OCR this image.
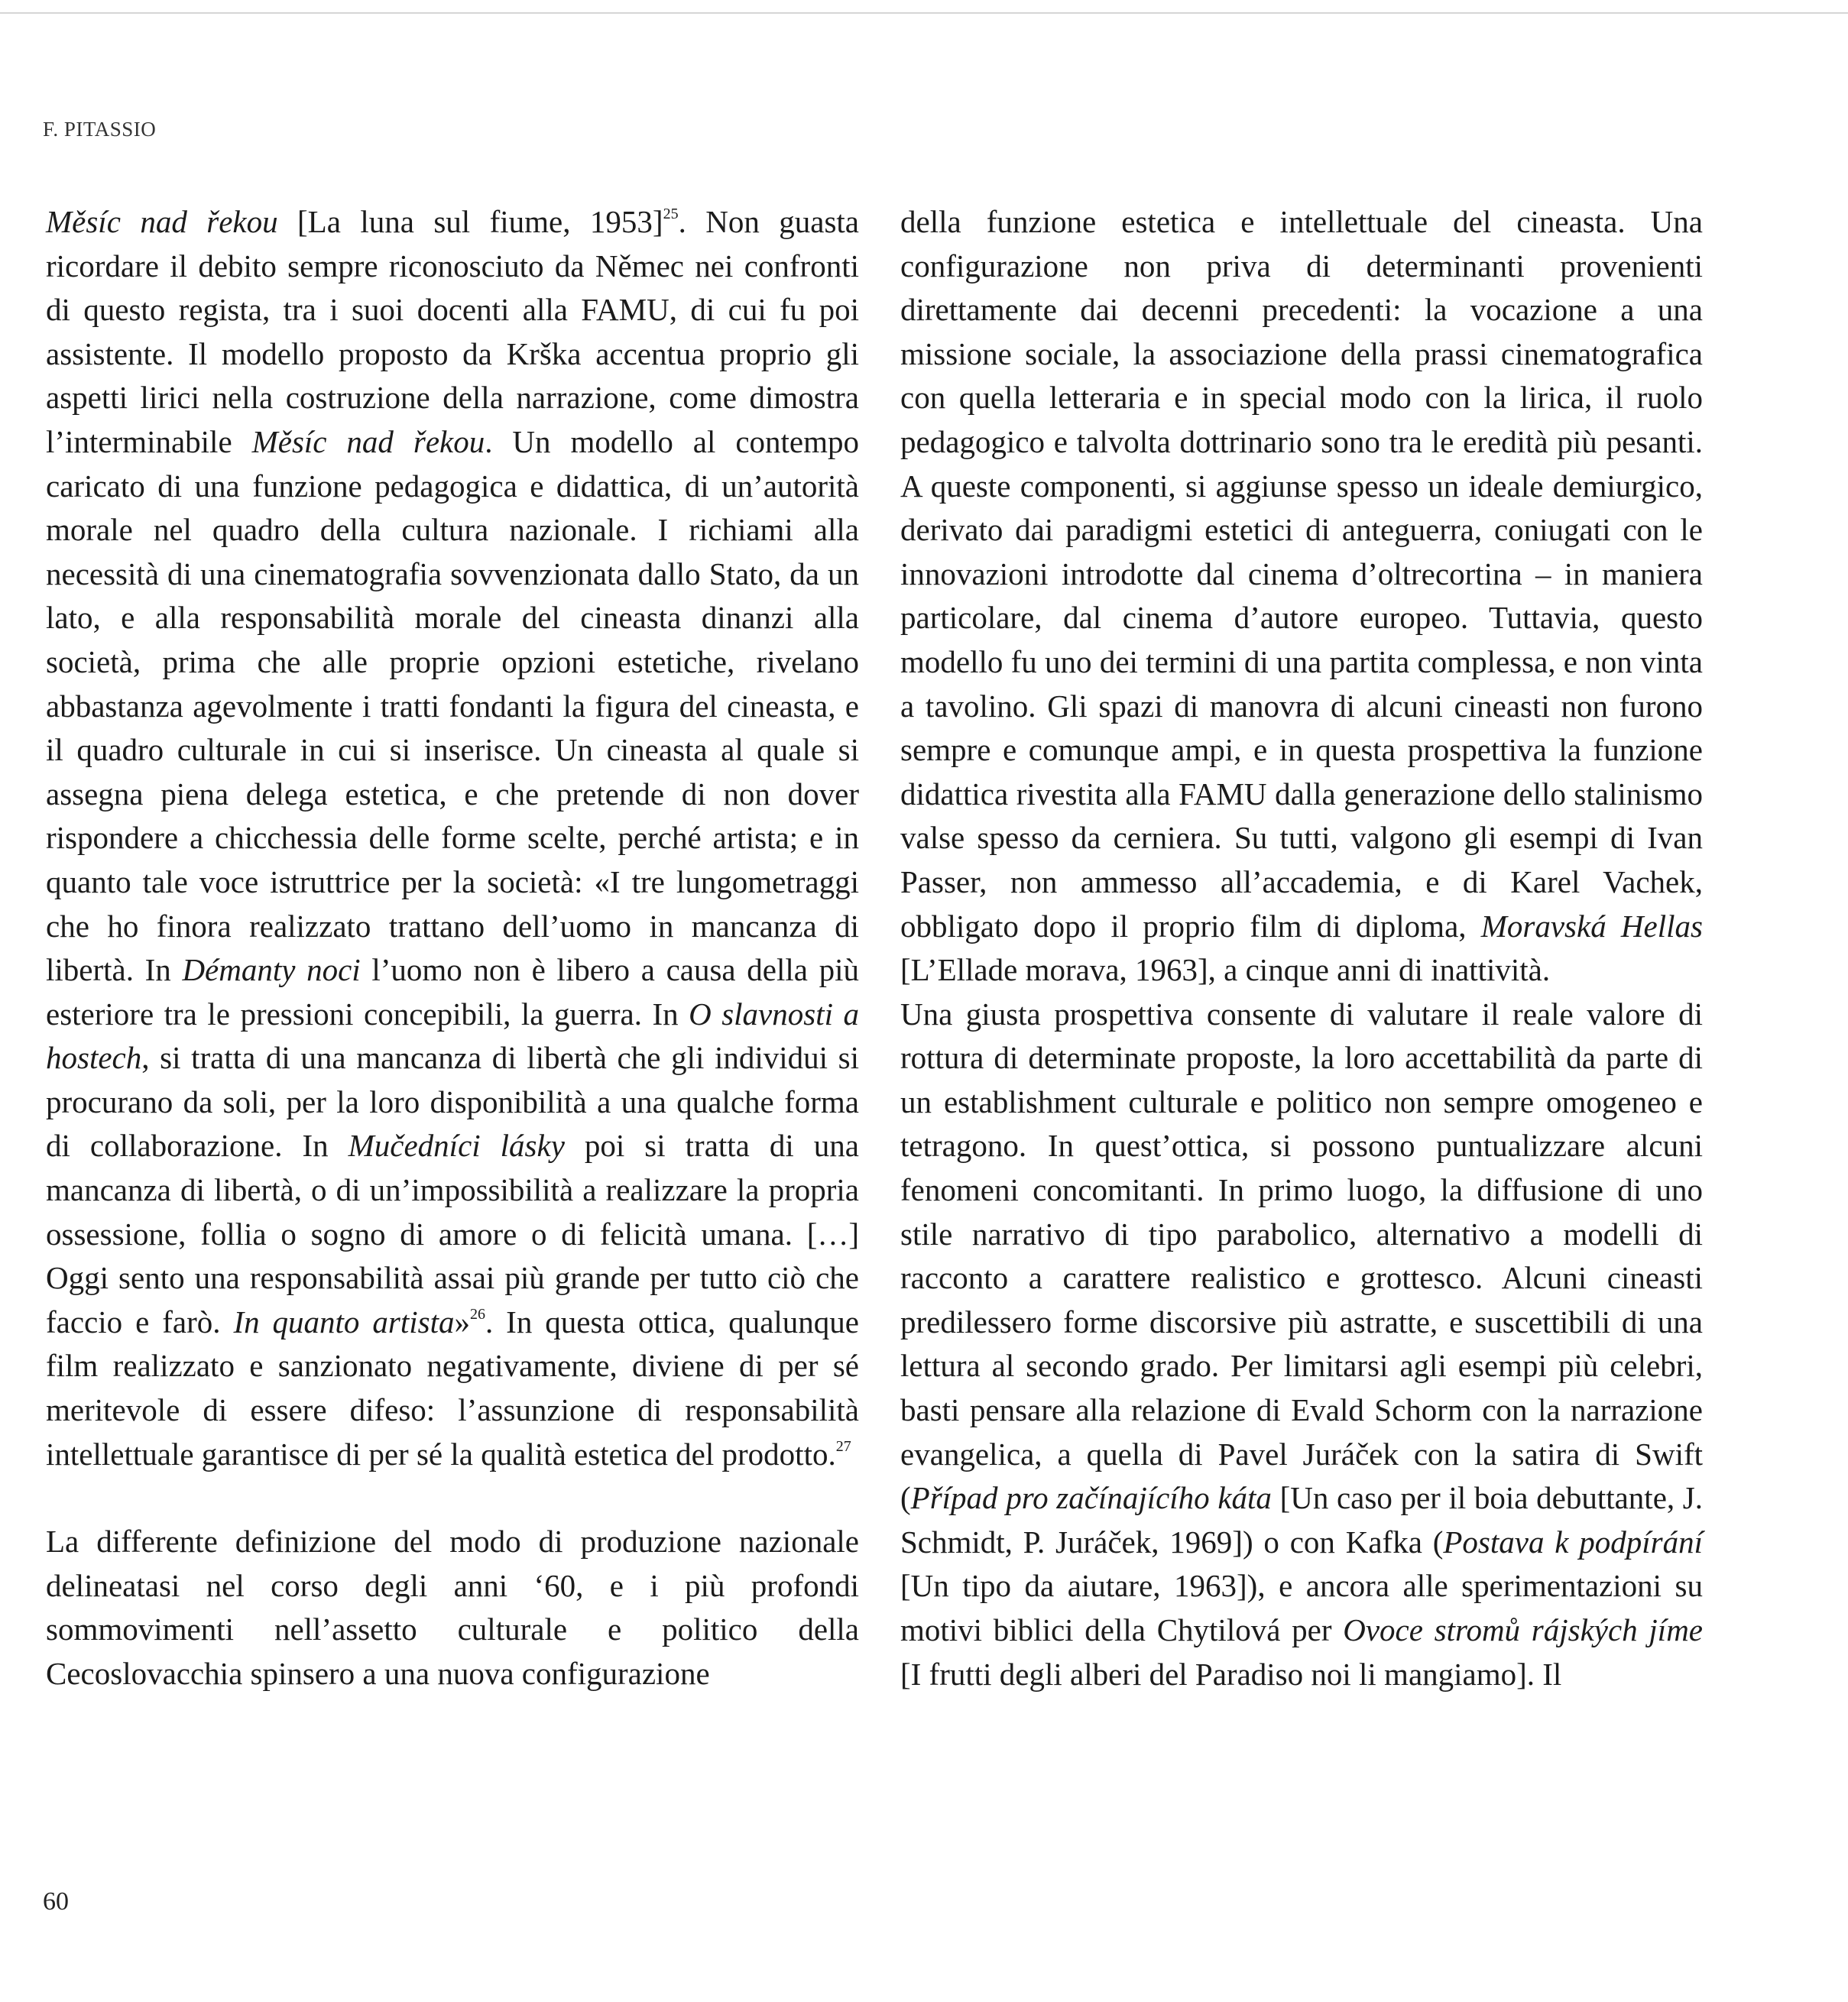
F. PITASSIO

Měsíc nad řekou [La luna sul fiume, 1953]$^{25}$. Non guasta ricordare il debito sempre riconosciuto da Němec nei confronti di questo regista, tra i suoi docenti alla FAMU, di cui fu poi assistente. Il modello proposto da Krška accentua proprio gli aspetti lirici nella costruzione della narrazione, come dimostra l’interminabile Měsíc nad řekou. Un modello al contempo caricato di una funzione pedagogica e didattica, di un’autorità morale nel quadro della cultura nazionale. I richiami alla necessità di una cinematografia sovvenzionata dallo Stato, da un lato, e alla responsabilità morale del cineasta dinanzi alla società, prima che alle proprie opzioni estetiche, rivelano abbastanza agevolmente i tratti fondanti la figura del cineasta, e il quadro culturale in cui si inserisce. Un cineasta al quale si assegna piena delega estetica, e che pretende di non dover rispondere a chicchessia delle forme scelte, perché artista; e in quanto tale voce istruttrice per la società: «I tre lungometraggi che ho finora realizzato trattano dell’uomo in mancanza di libertà. In Démanty noci l’uomo non è libero a causa della più esteriore tra le pressioni concepibili, la guerra. In O slavnosti a hostech, si tratta di una mancanza di libertà che gli individui si procurano da soli, per la loro disponibilità a una qualche forma di collaborazione. In Mučedníci lásky poi si tratta di una mancanza di libertà, o di un’impossibilità a realizzare la propria ossessione, follia o sogno di amore o di felicità umana. […] Oggi sento una responsabilità assai più grande per tutto ciò che faccio e farò. In quanto artista»$^{26}$. In questa ottica, qualunque film realizzato e sanzionato negativamente, diviene di per sé meritevole di essere difeso: l’assunzione di responsabilità intellettuale garantisce di per sé la qualità estetica del prodotto.$^{27}$

La differente definizione del modo di produzione nazionale delineatasi nel corso degli anni ‘60, e i più profondi sommovimenti nell’assetto culturale e politico della Cecoslovacchia spinsero a una nuova configurazione

della funzione estetica e intellettuale del cineasta. Una configurazione non priva di determinanti provenienti direttamente dai decenni precedenti: la vocazione a una missione sociale, la associazione della prassi cinematografica con quella letteraria e in special modo con la lirica, il ruolo pedagogico e talvolta dottrinario sono tra le eredità più pesanti. A queste componenti, si aggiunse spesso un ideale demiurgico, derivato dai paradigmi estetici di anteguerra, coniugati con le innovazioni introdotte dal cinema d’oltrecortina – in maniera particolare, dal cinema d’autore europeo. Tuttavia, questo modello fu uno dei termini di una partita complessa, e non vinta a tavolino. Gli spazi di manovra di alcuni cineasti non furono sempre e comunque ampi, e in questa prospettiva la funzione didattica rivestita alla FAMU dalla generazione dello stalinismo valse spesso da cerniera. Su tutti, valgono gli esempi di Ivan Passer, non ammesso all’accademia, e di Karel Vachek, obbligato dopo il proprio film di diploma, Moravská Hellas [L’Ellade morava, 1963], a cinque anni di inattività.

Una giusta prospettiva consente di valutare il reale valore di rottura di determinate proposte, la loro accettabilità da parte di un establishment culturale e politico non sempre omogeneo e tetragono. In quest’ottica, si possono puntualizzare alcuni fenomeni concomitanti. In primo luogo, la diffusione di uno stile narrativo di tipo parabolico, alternativo a modelli di racconto a carattere realistico e grottesco. Alcuni cineasti predilessero forme discorsive più astratte, e suscettibili di una lettura al secondo grado. Per limitarsi agli esempi più celebri, basti pensare alla relazione di Evald Schorm con la narrazione evangelica, a quella di Pavel Juráček con la satira di Swift (Případ pro začínajícího káta [Un caso per il boia debuttante, J. Schmidt, P. Juráček, 1969]) o con Kafka (Postava k podpírání [Un tipo da aiutare, 1963]), e ancora alle sperimentazioni su motivi biblici della Chytilová per Ovoce stromů rájských jíme [I frutti degli alberi del Paradiso noi li mangiamo]. Il

60
